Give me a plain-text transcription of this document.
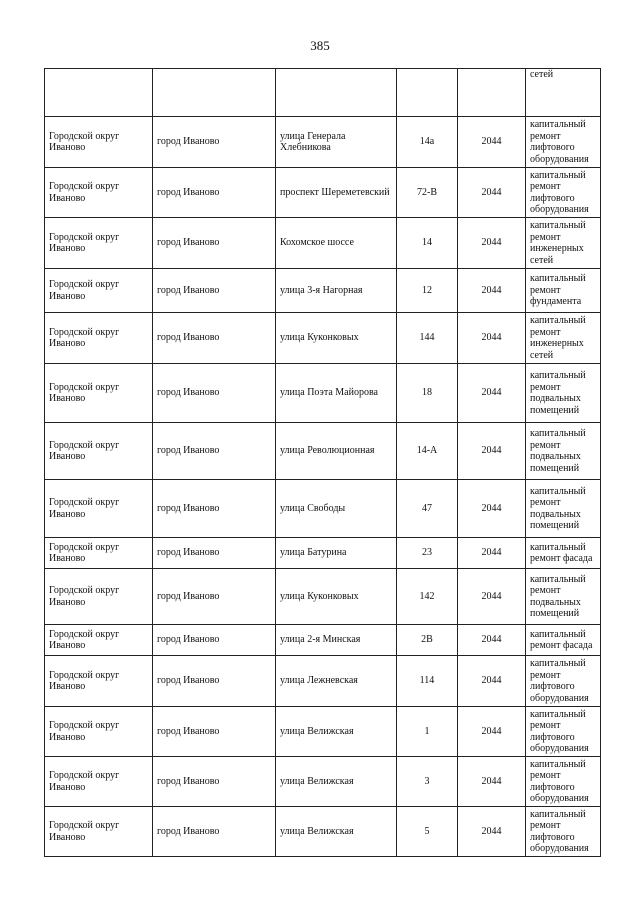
385
					сетей
Городской округ Иваново	город Иваново	улица Генерала Хлебникова	14а	2044	капитальный ремонт лифтового оборудования
Городской округ Иваново	город Иваново	проспект Шереметевский	72-В	2044	капитальный ремонт лифтового оборудования
Городской округ Иваново	город Иваново	Кохомское шоссе	14	2044	капитальный ремонт инженерных сетей
Городской округ Иваново	город Иваново	улица 3-я Нагорная	12	2044	капитальный ремонт фундамента
Городской округ Иваново	город Иваново	улица Куконковых	144	2044	капитальный ремонт инженерных сетей
Городской округ Иваново	город Иваново	улица Поэта Майорова	18	2044	капитальный ремонт подвальных помещений
Городской округ Иваново	город Иваново	улица Революционная	14-А	2044	капитальный ремонт подвальных помещений
Городской округ Иваново	город Иваново	улица Свободы	47	2044	капитальный ремонт подвальных помещений
Городской округ Иваново	город Иваново	улица Батурина	23	2044	капитальный ремонт фасада
Городской округ Иваново	город Иваново	улица Куконковых	142	2044	капитальный ремонт подвальных помещений
Городской округ Иваново	город Иваново	улица 2-я Минская	2В	2044	капитальный ремонт фасада
Городской округ Иваново	город Иваново	улица Лежневская	114	2044	капитальный ремонт лифтового оборудования
Городской округ Иваново	город Иваново	улица Велижская	1	2044	капитальный ремонт лифтового оборудования
Городской округ Иваново	город Иваново	улица Велижская	3	2044	капитальный ремонт лифтового оборудования
Городской округ Иваново	город Иваново	улица Велижская	5	2044	капитальный ремонт лифтового оборудования
